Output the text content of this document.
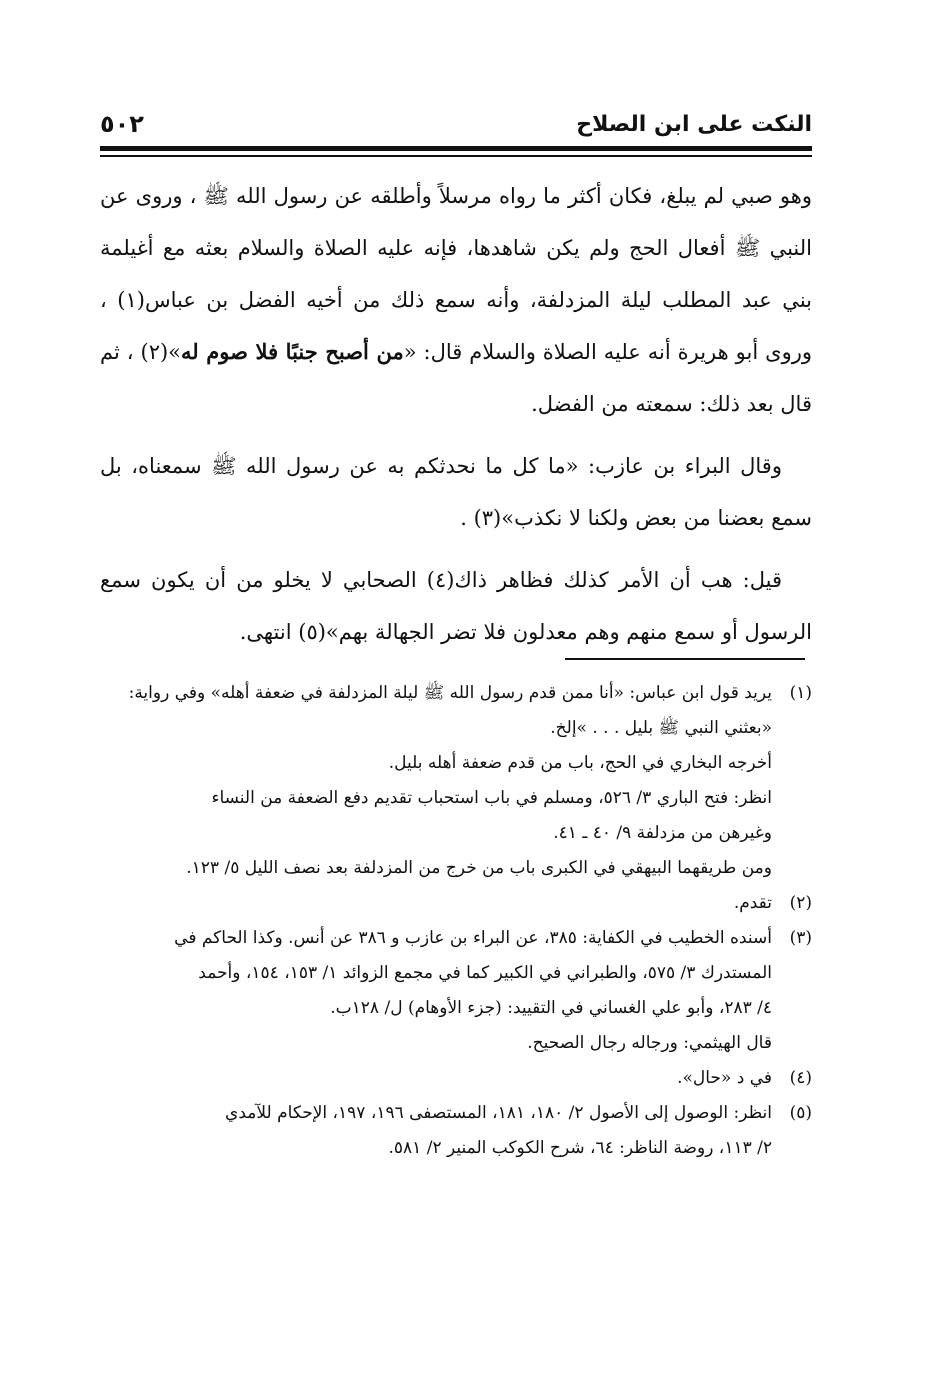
النكت على ابن الصلاح
٥٠٢

وهو صبي لم يبلغ، فكان أكثر ما رواه مرسلاً وأطلقه عن رسول الله ﷺ ، وروى عن النبي ﷺ أفعال الحج ولم يكن شاهدها، فإنه عليه الصلاة والسلام بعثه مع أغيلمة بني عبد المطلب ليلة المزدلفة، وأنه سمع ذلك من أخيه الفضل بن عباس(١) ، وروى أبو هريرة أنه عليه الصلاة والسلام قال: «من أصبح جنبًا فلا صوم له»(٢) ، ثم قال بعد ذلك: سمعته من الفضل.

وقال البراء بن عازب: «ما كل ما نحدثكم به عن رسول الله ﷺ سمعناه، بل سمع بعضنا من بعض ولكنا لا نكذب»(٣) .

قيل: هب أن الأمر كذلك فظاهر ذاك(٤) الصحابي لا يخلو من أن يكون سمع الرسول أو سمع منهم وهم معدلون فلا تضر الجهالة بهم»(٥) انتهى.

(١)
يريد قول ابن عباس: «أنا ممن قدم رسول الله ﷺ ليلة المزدلفة في ضعفة أهله» وفي رواية:
«بعثني النبي ﷺ بليل . . . »إلخ.
أخرجه البخاري في الحج، باب من قدم ضعفة أهله بليل.
انظر: فتح الباري ٣/ ٥٢٦، ومسلم في باب استحباب تقديم دفع الضعفة من النساء
وغيرهن من مزدلفة ٩/ ٤٠ ـ ٤١.
ومن طريقهما البيهقي في الكبرى باب من خرج من المزدلفة بعد نصف الليل ٥/ ١٢٣.
(٢)
تقدم.
(٣)
أسنده الخطيب في الكفاية: ٣٨٥، عن البراء بن عازب و ٣٨٦ عن أنس. وكذا الحاكم في
المستدرك ٣/ ٥٧٥، والطبراني في الكبير كما في مجمع الزوائد ١/ ١٥٣، ١٥٤، وأحمد
٤/ ٢٨٣، وأبو علي الغساني في التقييد: (جزء الأوهام) ل/ ١٢٨ب.
قال الهيثمي: ورجاله رجال الصحيح.
(٤)
في د «حال».
(٥)
انظر: الوصول إلى الأصول ٢/ ١٨٠، ١٨١، المستصفى ١٩٦، ١٩٧، الإحكام للآمدي
٢/ ١١٣، روضة الناظر: ٦٤، شرح الكوكب المنير ٢/ ٥٨١.
